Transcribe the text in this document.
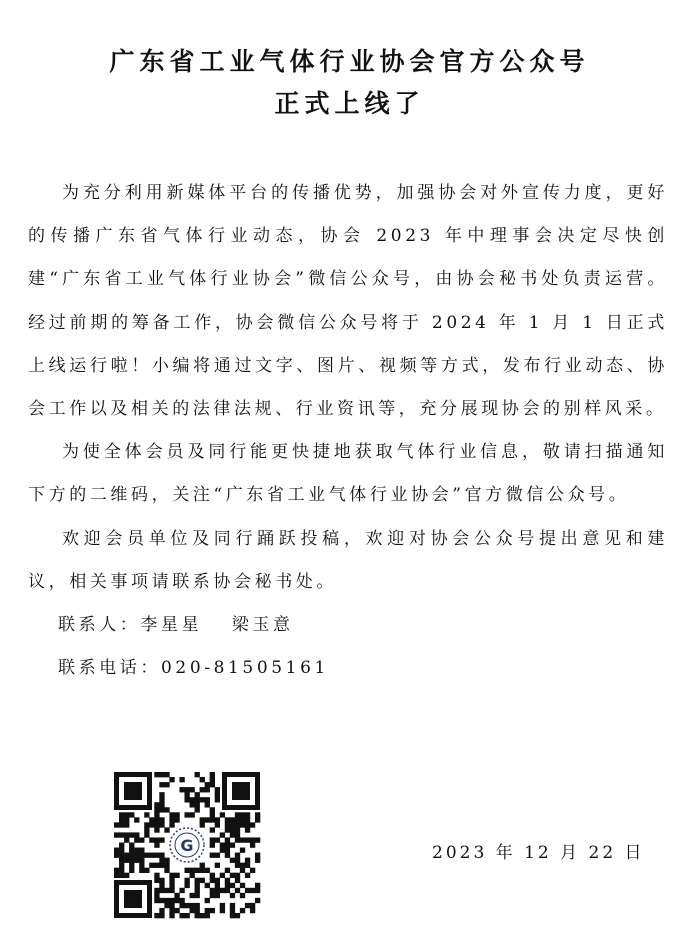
广东省工业气体行业协会官方公众号
正式上线了

为充分利用新媒体平台的传播优势，加强协会对外宣传力度，更好的传播广东省气体行业动态，协会 2023 年中理事会决定尽快创建“广东省工业气体行业协会”微信公众号，由协会秘书处负责运营。经过前期的筹备工作，协会微信公众号将于 2024 年 1 月 1 日正式上线运行啦！小编将通过文字、图片、视频等方式，发布行业动态、协会工作以及相关的法律法规、行业资讯等，充分展现协会的别样风采。

为使全体会员及同行能更快捷地获取气体行业信息，敬请扫描通知下方的二维码，关注“广东省工业气体行业协会”官方微信公众号。

欢迎会员单位及同行踊跃投稿，欢迎对协会公众号提出意见和建议，相关事项请联系协会秘书处。

联系人：李星星　 梁玉意
联系电话：020-81505161
G	2023 年 12 月 22 日
